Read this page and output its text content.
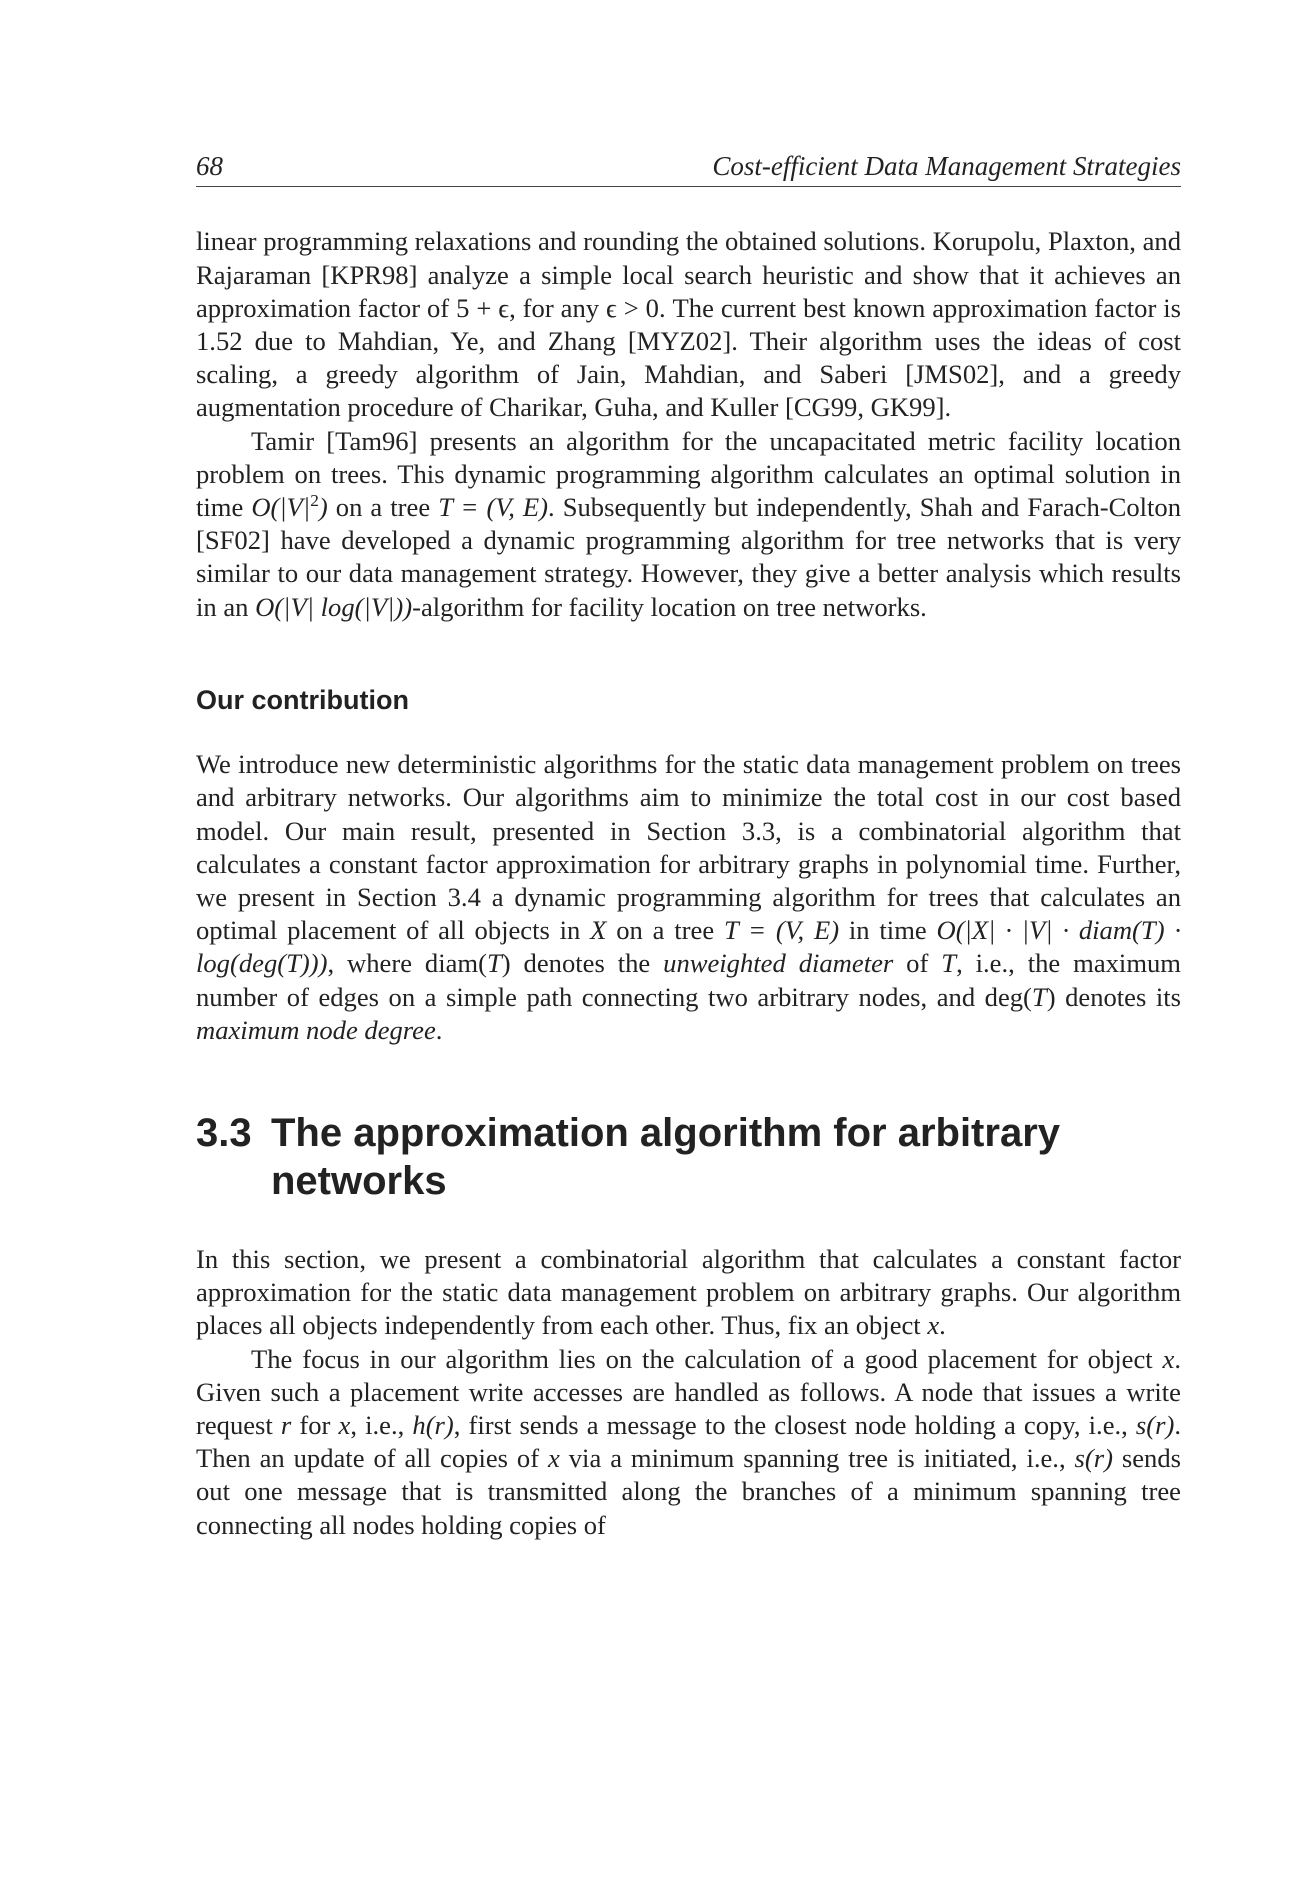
68	Cost-efficient Data Management Strategies

linear programming relaxations and rounding the obtained solutions. Korupolu, Plaxton, and Rajaraman [KPR98] analyze a simple local search heuristic and show that it achieves an approximation factor of 5 + ϵ, for any ϵ > 0. The current best known approximation factor is 1.52 due to Mahdian, Ye, and Zhang [MYZ02]. Their algorithm uses the ideas of cost scaling, a greedy algorithm of Jain, Mahdian, and Saberi [JMS02], and a greedy augmentation procedure of Charikar, Guha, and Kuller [CG99, GK99].

Tamir [Tam96] presents an algorithm for the uncapacitated metric facility location problem on trees. This dynamic programming algorithm calculates an optimal solution in time $O(|V|^2)$ on a tree T = (V, E). Subsequently but independently, Shah and Farach-Colton [SF02] have developed a dynamic programming algorithm for tree networks that is very similar to our data management strategy. However, they give a better analysis which results in an O(|V| log(|V|))-algorithm for facility location on tree networks.

Our contribution

We introduce new deterministic algorithms for the static data management problem on trees and arbitrary networks. Our algorithms aim to minimize the total cost in our cost based model. Our main result, presented in Section 3.3, is a combinatorial algorithm that calculates a constant factor approximation for arbitrary graphs in polynomial time. Further, we present in Section 3.4 a dynamic programming algorithm for trees that calculates an optimal placement of all objects in X on a tree T = (V, E) in time O(|X| · |V| · diam(T) · log(deg(T))), where diam(T) denotes the unweighted diameter of T, i.e., the maximum number of edges on a simple path connecting two arbitrary nodes, and deg(T) denotes its maximum node degree.

3.3 The approximation algorithm for arbitrary networks

In this section, we present a combinatorial algorithm that calculates a constant factor approximation for the static data management problem on arbitrary graphs. Our algorithm places all objects independently from each other. Thus, fix an object x.

The focus in our algorithm lies on the calculation of a good placement for object x. Given such a placement write accesses are handled as follows. A node that issues a write request r for x, i.e., h(r), first sends a message to the closest node holding a copy, i.e., s(r). Then an update of all copies of x via a minimum spanning tree is initiated, i.e., s(r) sends out one message that is transmitted along the branches of a minimum spanning tree connecting all nodes holding copies of
